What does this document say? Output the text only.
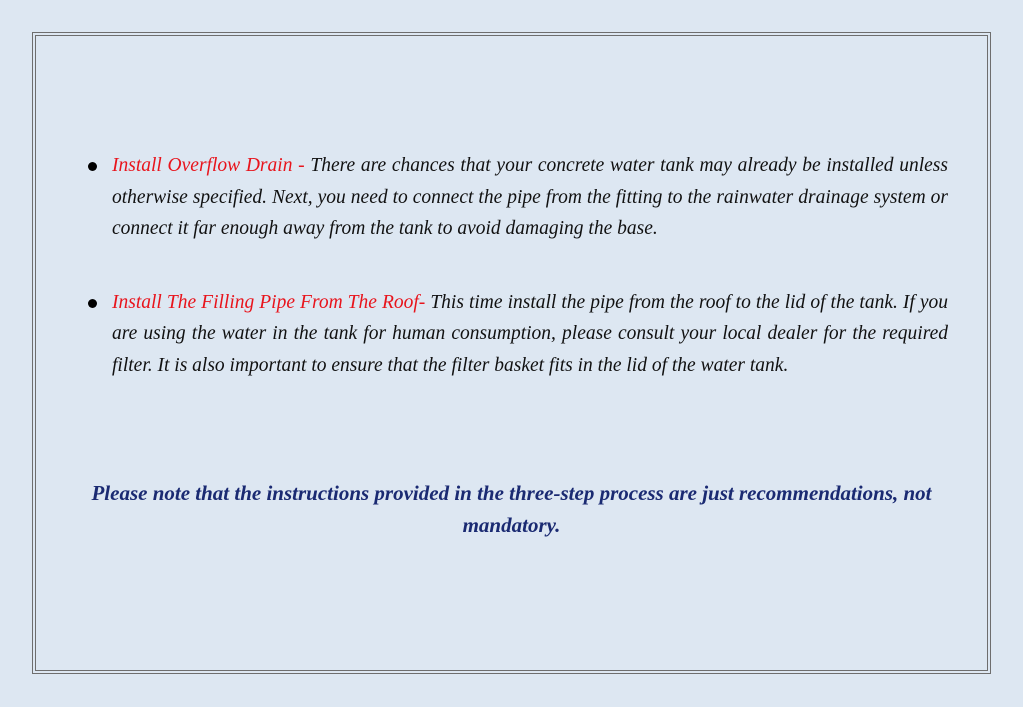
Install Overflow Drain - There are chances that your concrete water tank may already be installed unless otherwise specified. Next, you need to connect the pipe from the fitting to the rainwater drainage system or connect it far enough away from the tank to avoid damaging the base.
Install The Filling Pipe From The Roof- This time install the pipe from the roof to the lid of the tank. If you are using the water in the tank for human consumption, please consult your local dealer for the required filter. It is also important to ensure that the filter basket fits in the lid of the water tank.
Please note that the instructions provided in the three-step process are just recommendations, not mandatory.
